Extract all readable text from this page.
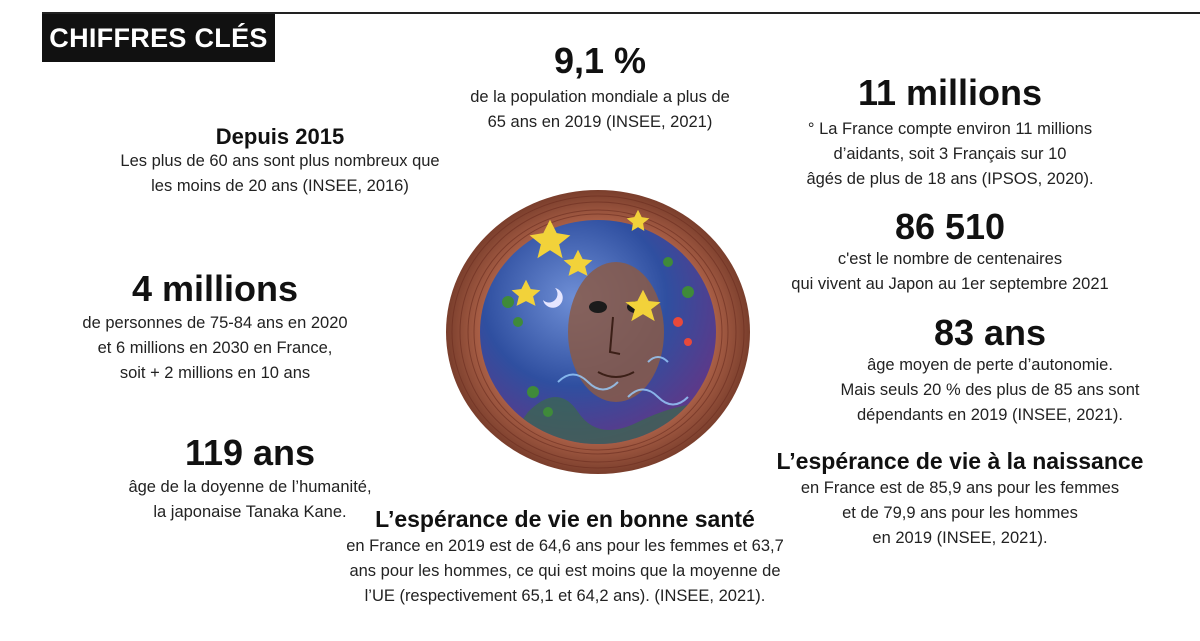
CHIFFRES CLÉS
9,1 %
de la population mondiale a plus de
65 ans en 2019 (INSEE, 2021)
Depuis 2015
Les plus de 60 ans sont plus nombreux que
les moins de 20 ans (INSEE, 2016)
11 millions
° La France compte environ 11 millions
d’aidants, soit 3 Français sur 10
âgés de plus de 18 ans (IPSOS, 2020).
86 510
c'est le nombre de centenaires
qui vivent au Japon au 1er septembre 2021
4 millions
de personnes de 75-84 ans en 2020
et 6 millions en 2030 en France,
soit + 2 millions en 10 ans
83 ans
âge moyen de perte d’autonomie.
Mais seuls 20 % des plus de 85 ans sont
dépendants en 2019 (INSEE, 2021).
119 ans
âge de la doyenne de l’humanité,
la japonaise Tanaka Kane.
L’espérance de vie à la naissance
en France est de 85,9 ans pour les femmes
et de 79,9 ans pour les hommes
en 2019 (INSEE, 2021).
L’espérance de vie en bonne santé
en France en 2019 est de 64,6 ans pour les femmes et 63,7
ans pour les hommes, ce qui est moins que la moyenne de
l’UE (respectivement 65,1 et 64,2 ans). (INSEE, 2021).
